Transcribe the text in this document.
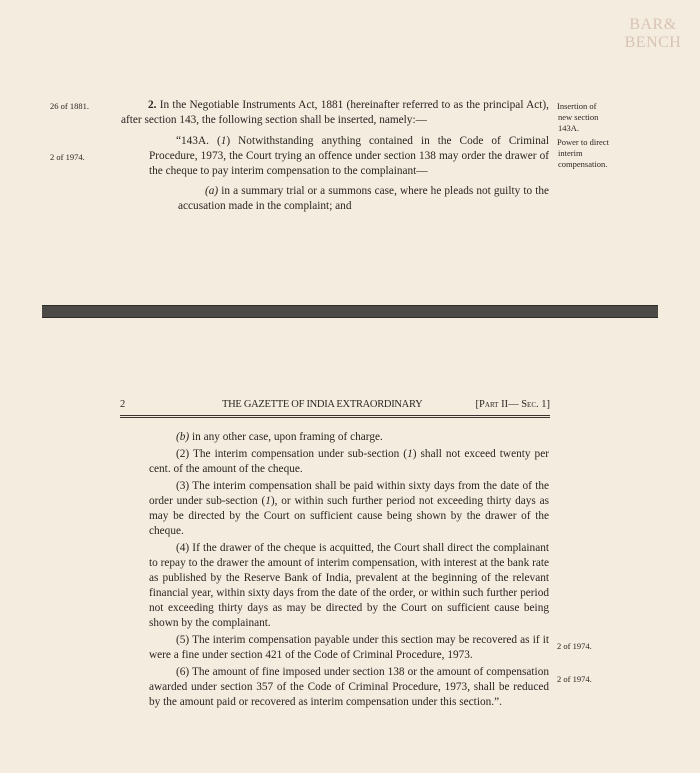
BAR&
BENCH
26 of 1881.
2 of 1974.
Insertion of
new section
143A.
Power to direct
interim
compensation.
2. In the Negotiable Instruments Act, 1881 (hereinafter referred to as the principal Act), after section 143, the following section shall be inserted, namely:—
“143A. (1) Notwithstanding anything contained in the Code of Criminal Procedure, 1973, the Court trying an offence under section 138 may order the drawer of the cheque to pay interim compensation to the complainant—
(a) in a summary trial or a summons case, where he pleads not guilty to the accusation made in the complaint; and
2	THE GAZETTE OF INDIA EXTRAORDINARY	[Part II— Sec. 1]
(b) in any other case, upon framing of charge.
(2) The interim compensation under sub-section (1) shall not exceed twenty per cent. of the amount of the cheque.
(3) The interim compensation shall be paid within sixty days from the date of the order under sub-section (1), or within such further period not exceeding thirty days as may be directed by the Court on sufficient cause being shown by the drawer of the cheque.
(4) If the drawer of the cheque is acquitted, the Court shall direct the complainant to repay to the drawer the amount of interim compensation, with interest at the bank rate as published by the Reserve Bank of India, prevalent at the beginning of the relevant financial year, within sixty days from the date of the order, or within such further period not exceeding thirty days as may be directed by the Court on sufficient cause being shown by the complainant.
(5) The interim compensation payable under this section may be recovered as if it were a fine under section 421 of the Code of Criminal Procedure, 1973.
(6) The amount of fine imposed under section 138 or the amount of compensation awarded under section 357 of the Code of Criminal Procedure, 1973, shall be reduced by the amount paid or recovered as interim compensation under this section.”.
2 of 1974.
2 of 1974.
